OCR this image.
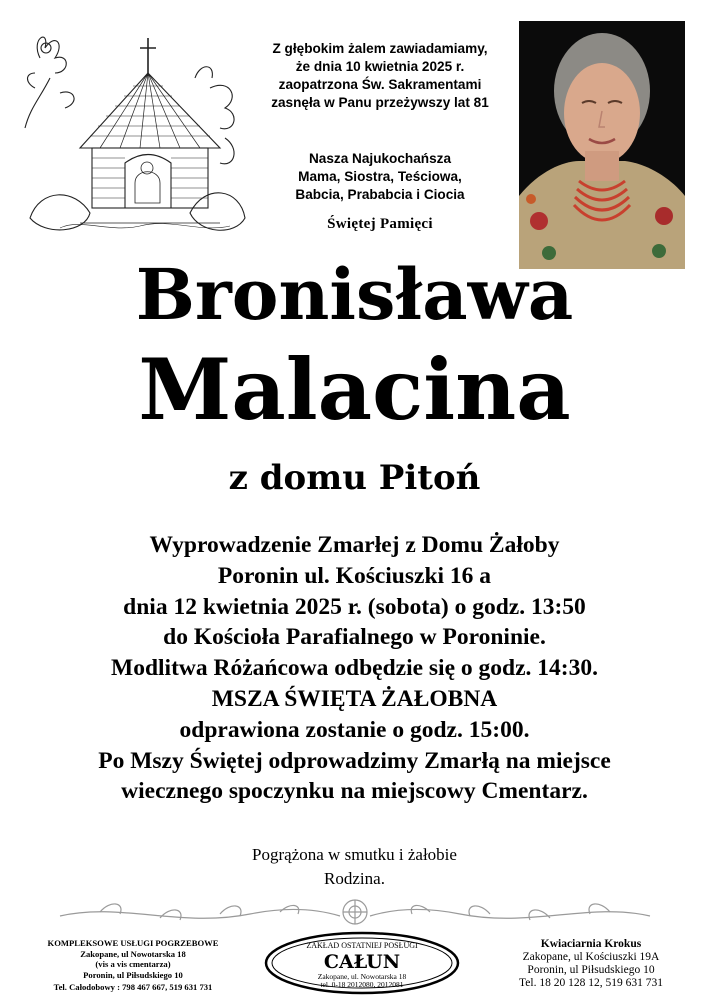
Z głębokim żalem zawiadamiamy,
że dnia 10 kwietnia 2025 r.
zaopatrzona Św. Sakramentami
zasnęła w Panu przeżywszy lat 81
Nasza Najukochańsza
Mama, Siostra, Teściowa,
Babcia, Prababcia i Ciocia
Świętej Pamięci
Bronisława
Malacina
z domu Pitoń
Wyprowadzenie Zmarłej z Domu Żałoby
Poronin ul. Kościuszki 16 a
dnia 12 kwietnia 2025 r. (sobota) o godz. 13:50
do Kościoła Parafialnego w Poroninie.
Modlitwa Różańcowa odbędzie się o godz. 14:30.
MSZA ŚWIĘTA ŻAŁOBNA
odprawiona zostanie o godz. 15:00.
Po Mszy Świętej odprowadzimy Zmarłą na miejsce
wiecznego spoczynku na miejscowy Cmentarz.
Pogrążona w smutku i żałobie
Rodzina.
KOMPLEKSOWE USŁUGI POGRZEBOWE
Zakopane, ul Nowotarska 18
(vis a vis cmentarza)
Poronin, ul Piłsudskiego 10
Tel. Całodobowy : 798 467 667, 519 631 731
ZAKŁAD OSTATNIEJ POSŁUGI
CAŁUN
Zakopane, ul. Nowotarska 18
tel. 0-18 2012080, 2012081
Kwiaciarnia Krokus
Zakopane, ul Kościuszki 19A
Poronin, ul Piłsudskiego 10
Tel. 18 20 128 12, 519 631 731
